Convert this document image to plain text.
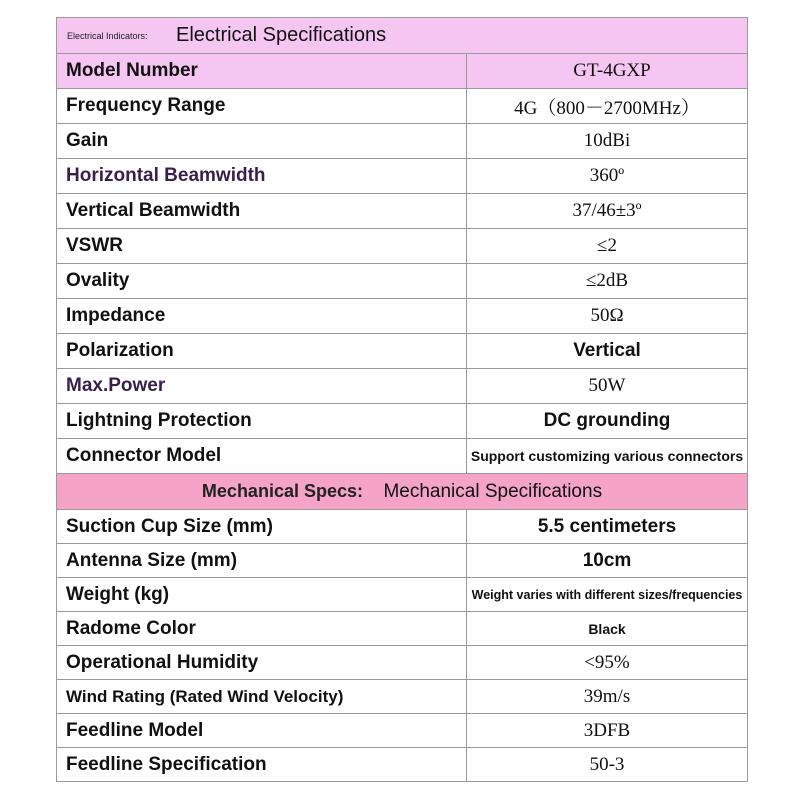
Electrical Indicators: Electrical Specifications	
Model Number	GT-4GXP
Frequency Range	4G（800－2700MHz）
Gain	10dBi
Horizontal Beamwidth	360º
Vertical Beamwidth	37/46±3º
VSWR	≤2
Ovality	≤2dB
Impedance	50Ω
Polarization	Vertical
Max.Power	50W
Lightning Protection	DC grounding
Connector Model	Support customizing various connectors
Mechanical Specs: Mechanical Specifications	
Suction Cup Size (mm)	5.5 centimeters
Antenna Size (mm)	10cm
Weight (kg)	Weight varies with different sizes/frequencies
Radome Color	Black
Operational Humidity	<95%
Wind Rating (Rated Wind Velocity)	39m/s
Feedline Model	3DFB
Feedline Specification	50-3
